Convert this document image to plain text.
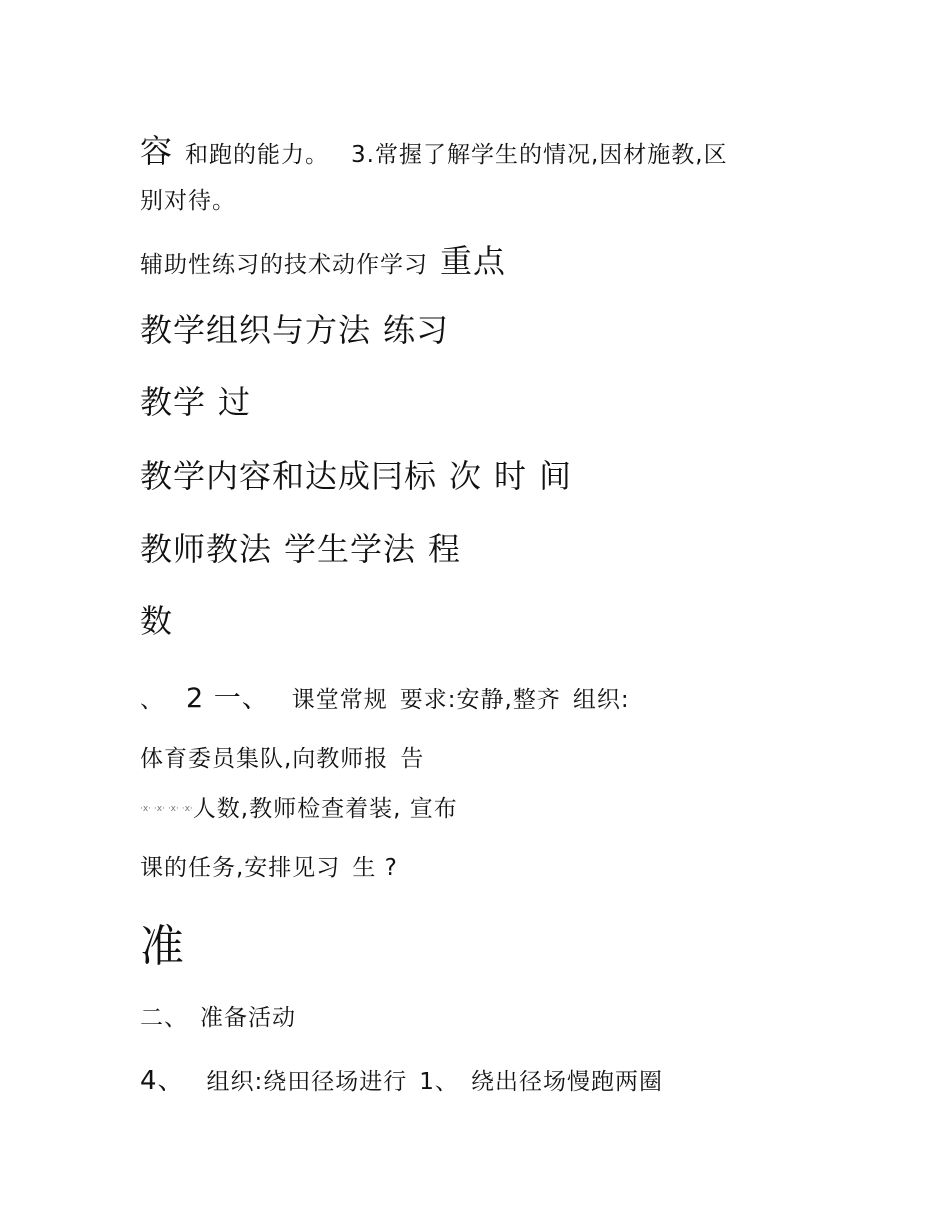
容 和跑的能力。 3.常握了解学生的情况,因材施教,区
别对待。
辅助性练习的技术动作学习 重点
教学组织与方法 练习
教学 过
教学内容和达成冃标 次 时 间
教师教法 学生学法 程
数
、 2 一、 课堂常规 要求:安静,整齐 组织:
体育委员集队,向教师报 告
·x· ·x· ·x· ·x·人数,教师检查着装, 宣布
课的任务,安排见习 生 ?
准
二、 准备活动
4、 组织:绕田径场进行 1、 绕出径场慢跑两圈
